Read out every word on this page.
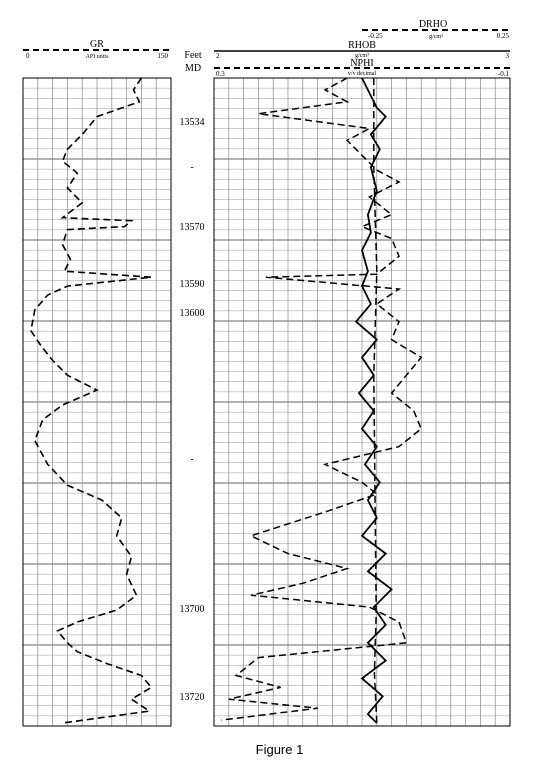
GR
0	API units	150 Feet
MD
DRHO
-0.25	g/cm³	0.25
RHOB
2	g/cm³	3
NPHI
0.3	v/v decimal	-0.1
13534
-
13570
13590
13600
-
13700
13720
Figure 1
